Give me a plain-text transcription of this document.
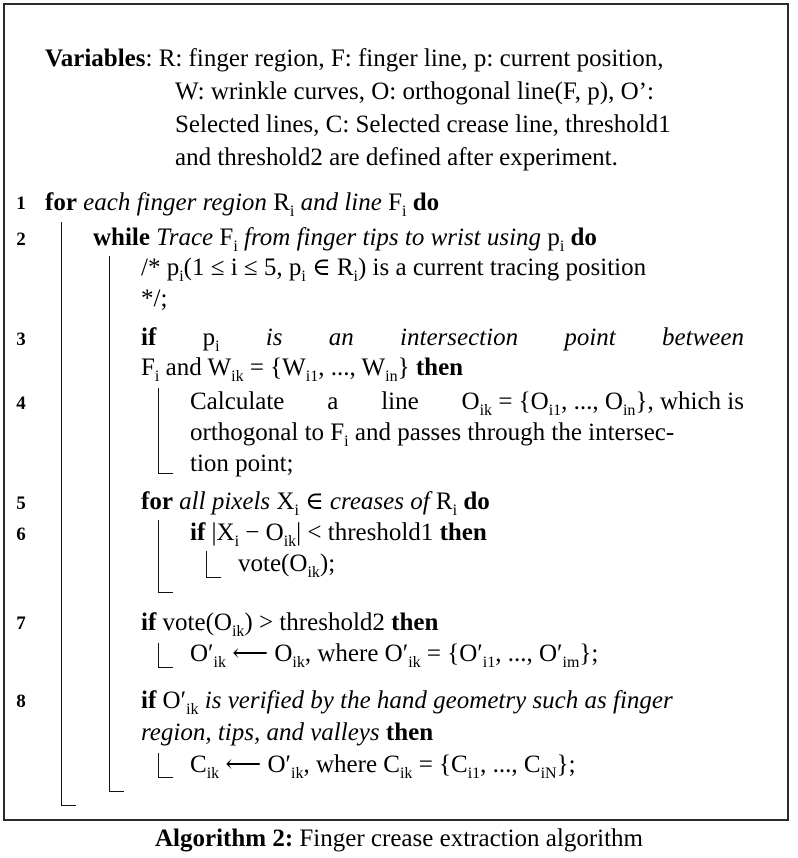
Variables: R: finger region, F: finger line, p: current position,
W: wrinkle curves, O: orthogonal line(F, p), O’:
Selected lines, C: Selected crease line, threshold1
and threshold2 are defined after experiment.
1
2
3
4
5
6
7
8
for each finger region $R_i$ and line $F_i$ do
while Trace $F_i$ from finger tips to wrist using $p_i$ do
/* $p_i(1 \le i \le 5$, $p_i$ ∈ $R_i$) is a current tracing position
*/;
if $p_i$ is an intersection point between
$F_i$ and $W_{ik} = \{W_{i1}$, ..., $W_{in}$} then
Calculate a line $O_{ik} = \{O_{i1}$, ..., $O_{in}$}, which is
orthogonal to $F_i$ and passes through the intersec-
tion point;
for all pixels $X_i$ ∈ creases of $R_i$ do
if $|X_i - O_{ik}|$ < threshold1 then
$vote(O_{ik})$;
if $vote(O_{ik})$ > threshold2 then
$O'_{ik}$ ⟵ $O_{ik}$, where $O'_{ik} = \{O'_{i1}$, ..., $O'_{im}$};
if $O'_{ik}$ is verified by the hand geometry such as finger
region, tips, and valleys then
$C_{ik}$ ⟵ $O'_{ik}$, where $C_{ik} = \{C_{i1}$, ..., $C_{iN}$};
Algorithm 2: Finger crease extraction algorithm
